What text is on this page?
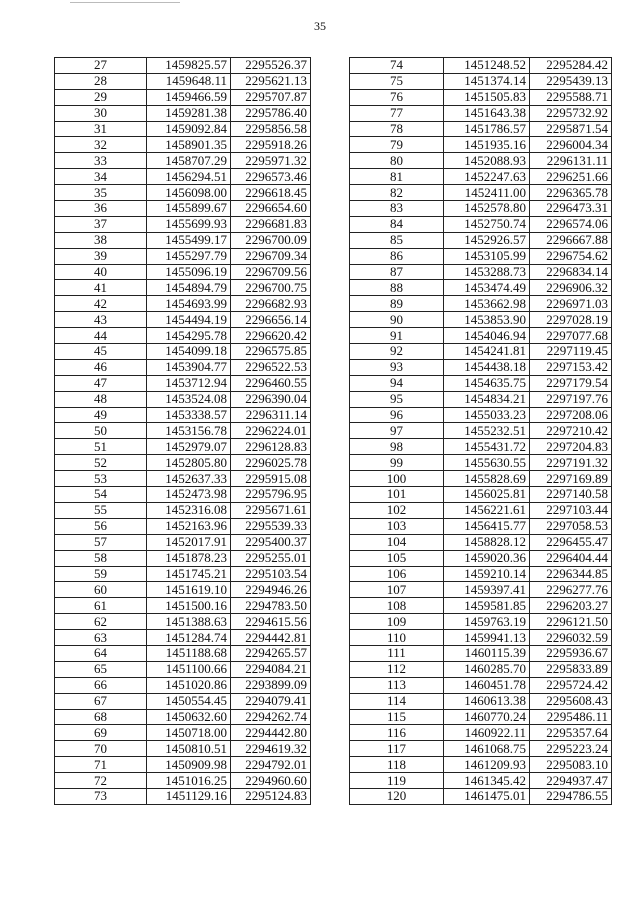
35
27	1459825.57	2295526.37
28	1459648.11	2295621.13
29	1459466.59	2295707.87
30	1459281.38	2295786.40
31	1459092.84	2295856.58
32	1458901.35	2295918.26
33	1458707.29	2295971.32
34	1456294.51	2296573.46
35	1456098.00	2296618.45
36	1455899.67	2296654.60
37	1455699.93	2296681.83
38	1455499.17	2296700.09
39	1455297.79	2296709.34
40	1455096.19	2296709.56
41	1454894.79	2296700.75
42	1454693.99	2296682.93
43	1454494.19	2296656.14
44	1454295.78	2296620.42
45	1454099.18	2296575.85
46	1453904.77	2296522.53
47	1453712.94	2296460.55
48	1453524.08	2296390.04
49	1453338.57	2296311.14
50	1453156.78	2296224.01
51	1452979.07	2296128.83
52	1452805.80	2296025.78
53	1452637.33	2295915.08
54	1452473.98	2295796.95
55	1452316.08	2295671.61
56	1452163.96	2295539.33
57	1452017.91	2295400.37
58	1451878.23	2295255.01
59	1451745.21	2295103.54
60	1451619.10	2294946.26
61	1451500.16	2294783.50
62	1451388.63	2294615.56
63	1451284.74	2294442.81
64	1451188.68	2294265.57
65	1451100.66	2294084.21
66	1451020.86	2293899.09
67	1450554.45	2294079.41
68	1450632.60	2294262.74
69	1450718.00	2294442.80
70	1450810.51	2294619.32
71	1450909.98	2294792.01
72	1451016.25	2294960.60
73	1451129.16	2295124.83
74	1451248.52	2295284.42
75	1451374.14	2295439.13
76	1451505.83	2295588.71
77	1451643.38	2295732.92
78	1451786.57	2295871.54
79	1451935.16	2296004.34
80	1452088.93	2296131.11
81	1452247.63	2296251.66
82	1452411.00	2296365.78
83	1452578.80	2296473.31
84	1452750.74	2296574.06
85	1452926.57	2296667.88
86	1453105.99	2296754.62
87	1453288.73	2296834.14
88	1453474.49	2296906.32
89	1453662.98	2296971.03
90	1453853.90	2297028.19
91	1454046.94	2297077.68
92	1454241.81	2297119.45
93	1454438.18	2297153.42
94	1454635.75	2297179.54
95	1454834.21	2297197.76
96	1455033.23	2297208.06
97	1455232.51	2297210.42
98	1455431.72	2297204.83
99	1455630.55	2297191.32
100	1455828.69	2297169.89
101	1456025.81	2297140.58
102	1456221.61	2297103.44
103	1456415.77	2297058.53
104	1458828.12	2296455.47
105	1459020.36	2296404.44
106	1459210.14	2296344.85
107	1459397.41	2296277.76
108	1459581.85	2296203.27
109	1459763.19	2296121.50
110	1459941.13	2296032.59
111	1460115.39	2295936.67
112	1460285.70	2295833.89
113	1460451.78	2295724.42
114	1460613.38	2295608.43
115	1460770.24	2295486.11
116	1460922.11	2295357.64
117	1461068.75	2295223.24
118	1461209.93	2295083.10
119	1461345.42	2294937.47
120	1461475.01	2294786.55
